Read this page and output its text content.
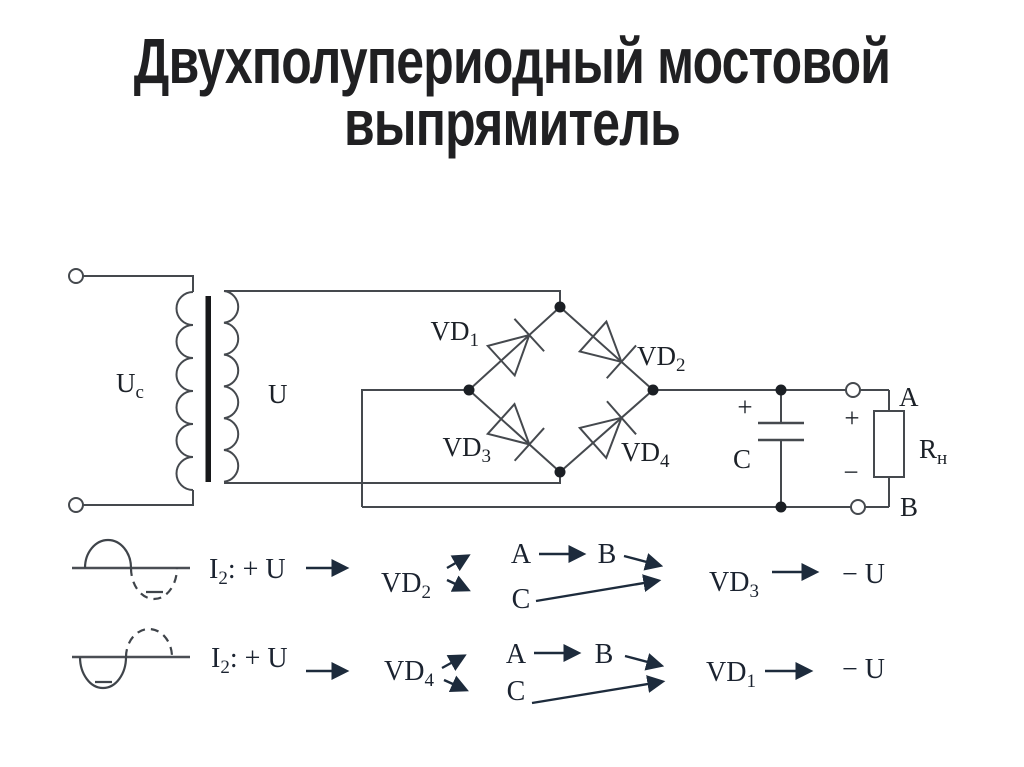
Двухполупериодный мостовой выпрямитель
$U_c$	U
$VD_1$
$VD_2$
$VD_3$	$VD_4$
+
C
+
−
$R_н$
A
B
$I_2$: + U	$VD_2$
A B
C
$VD_3$
− U
$I_2$: + U	$VD_4$
A B
C
$VD_1$	− U
